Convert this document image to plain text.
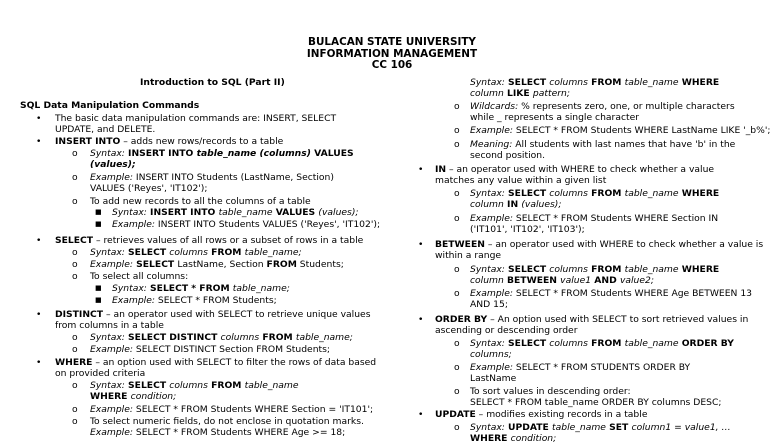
BULACAN STATE UNIVERSITY
INFORMATION MANAGEMENT
CC 106
Introduction to SQL (Part II)
SQL Data Manipulation Commands
• The basic data manipulation commands are: INSERT, SELECT
UPDATE, and DELETE.
• INSERT INTO – adds new rows/records to a table
o Syntax: INSERT INTO table_name (columns) VALUES
(values);
o Example: INSERT INTO Students (LastName, Section)
VALUES ('Reyes', 'IT102');
o To add new records to all the columns of a table
■ Syntax: INSERT INTO table_name VALUES (values);
■ Example: INSERT INTO Students VALUES ('Reyes', 'IT102');
• SELECT – retrieves values of all rows or a subset of rows in a table
o Syntax: SELECT columns FROM table_name;
o Example: SELECT LastName, Section FROM Students;
o To select all columns:
■ Syntax: SELECT * FROM table_name;
■ Example: SELECT * FROM Students;
• DISTINCT – an operator used with SELECT to retrieve unique values
from columns in a table
o Syntax: SELECT DISTINCT columns FROM table_name;
o Example: SELECT DISTINCT Section FROM Students;
• WHERE – an option used with SELECT to filter the rows of data based
on provided criteria
o Syntax: SELECT columns FROM table_name
WHERE condition;
o Example: SELECT * FROM Students WHERE Section = 'IT101';
o To select numeric fields, do not enclose in quotation marks.
Example: SELECT * FROM Students WHERE Age >= 18;
Syntax: SELECT columns FROM table_name WHERE
column LIKE pattern;
o Wildcards: % represents zero, one, or multiple characters
while _ represents a single character
o Example: SELECT * FROM Students WHERE LastName LIKE '_b%';
o Meaning: All students with last names that have 'b' in the
second position.
• IN – an operator used with WHERE to check whether a value
matches any value within a given list
o Syntax: SELECT columns FROM table_name WHERE
column IN (values);
o Example: SELECT * FROM Students WHERE Section IN
('IT101', 'IT102', 'IT103');
• BETWEEN – an operator used with WHERE to check whether a value is
within a range
o Syntax: SELECT columns FROM table_name WHERE
column BETWEEN value1 AND value2;
o Example: SELECT * FROM Students WHERE Age BETWEEN 13
AND 15;
• ORDER BY – An option used with SELECT to sort retrieved values in
ascending or descending order
o Syntax: SELECT columns FROM table_name ORDER BY
columns;
o Example: SELECT * FROM STUDENTS ORDER BY
LastName
o To sort values in descending order:
SELECT * FROM table_name ORDER BY columns DESC;
• UPDATE – modifies existing records in a table
o Syntax: UPDATE table_name SET column1 = value1, …
WHERE condition;
